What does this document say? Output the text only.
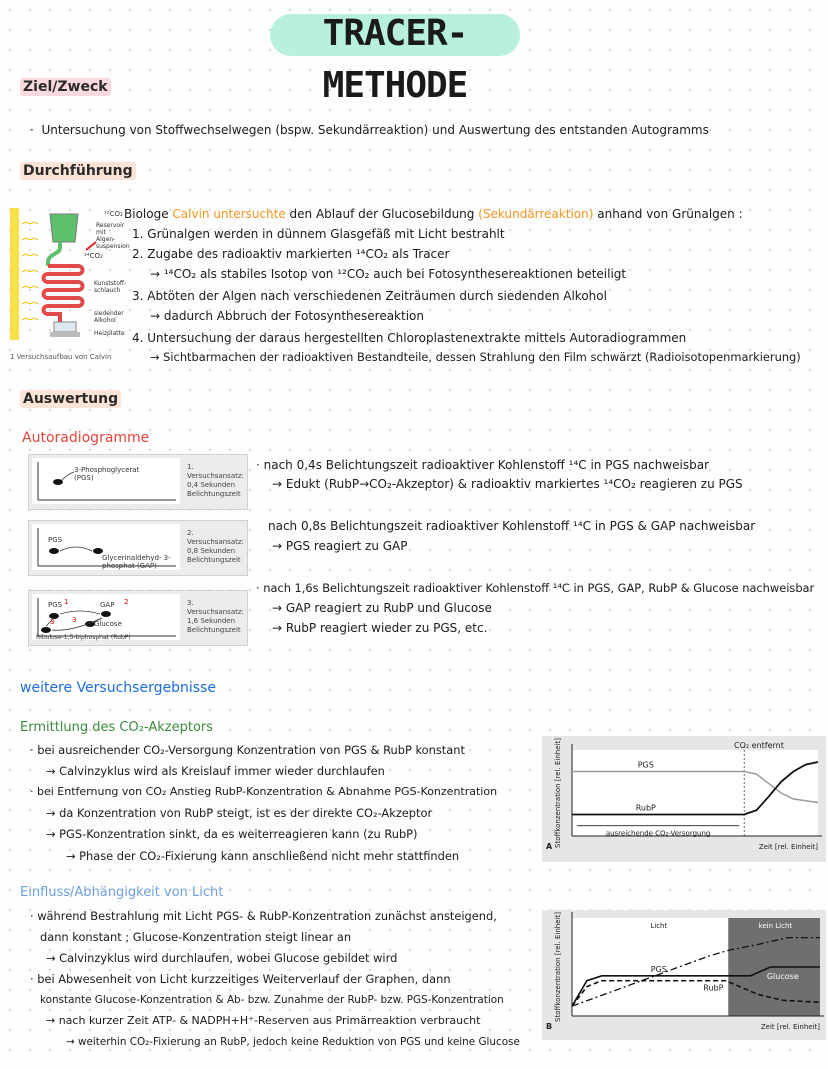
TRACER-METHODE
Ziel/Zweck
·  Untersuchung von Stoffwechselwegen (bspw. Sekundärreaktion) und Auswertung des entstanden Autogramms
Durchführung
¹²CO₂
Reservoir mit Algen- suspension
¹⁴CO₂
Kunststoff- schlauch
siedender Alkohol
Heizplatte
1 Versuchsaufbau von Calvin
Biologe Calvin untersuchte den Ablauf der Glucosebildung (Sekundärreaktion) anhand von Grünalgen :
1. Grünalgen werden in dünnem Glasgefäß mit Licht bestrahlt
2. Zugabe des radioaktiv markierten ¹⁴CO₂ als Tracer
→ ¹⁴CO₂ als stabiles Isotop von ¹²CO₂ auch bei Fotosynthesereaktionen beteiligt
3. Abtöten der Algen nach verschiedenen Zeiträumen durch siedenden Alkohol
→ dadurch Abbruch der Fotosynthesereaktion
4. Untersuchung der daraus hergestellten Chloroplastenextrakte mittels Autoradiogrammen
→ Sichtbarmachen der radioaktiven Bestandteile, dessen Strahlung den Film schwärzt (Radioisotopenmarkierung)
Auswertung
Autoradiogramme
3-Phosphoglycerat (PGS)
1. Versuchsansatz: 0,4 Sekunden Belichtungszeit
PGS
Glycerinaldehyd- 3-phosphat (GAP)
2. Versuchsansatz: 0,8 Sekunden Belichtungszeit
1	2
3
3
PGS	GAP
Glucose
Ribulose-1,5-biphosphat (RubP)
3. Versuchsansatz: 1,6 Sekunden Belichtungszeit
· nach 0,4s Belichtungszeit radioaktiver Kohlenstoff ¹⁴C in PGS nachweisbar
→ Edukt (RubP→CO₂-Akzeptor) & radioaktiv markiertes ¹⁴CO₂ reagieren zu PGS
nach 0,8s Belichtungszeit radioaktiver Kohlenstoff ¹⁴C in PGS & GAP nachweisbar
→ PGS reagiert zu GAP
· nach 1,6s Belichtungszeit radioaktiver Kohlenstoff ¹⁴C in PGS, GAP, RubP & Glucose nachweisbar
→ GAP reagiert zu RubP und Glucose
→ RubP reagiert wieder zu PGS, etc.
weitere Versuchsergebnisse
Ermittlung des CO₂-Akzeptors
· bei ausreichender CO₂-Versorgung Konzentration von PGS & RubP konstant
→ Calvinzyklus wird als Kreislauf immer wieder durchlaufen
· bei Entfernung von CO₂ Anstieg RubP-Konzentration & Abnahme PGS-Konzentration
→ da Konzentration von RubP steigt, ist es der direkte CO₂-Akzeptor
→ PGS-Konzentration sinkt, da es weiterreagieren kann (zu RubP)
→ Phase der CO₂-Fixierung kann anschließend nicht mehr stattfinden
Zeit [rel. Einheit]
Stoffkonzentration [rel. Einheit]
A
PGS
RubP
CO₂ entfernt
ausreichende CO₂-Versorgung
Einfluss/Abhängigkeit von Licht
· während Bestrahlung mit Licht PGS- & RubP-Konzentration zunächst ansteigend,
dann konstant ; Glucose-Konzentration steigt linear an
→ Calvinzyklus wird durchlaufen, wobei Glucose gebildet wird
· bei Abwesenheit von Licht kurzzeitiges Weiterverlauf der Graphen, dann
konstante Glucose-Konzentration & Ab- bzw. Zunahme der RubP- bzw. PGS-Konzentration
→ nach kurzer Zeit ATP- & NADPH+H⁺-Reserven aus Primärreaktion verbraucht
→ weiterhin CO₂-Fixierung an RubP, jedoch keine Reduktion von PGS und keine Glucose
Zeit [rel. Einheit]
Stoffkonzentration [rel. Einheit]
B
Licht	kein Licht
PGS
RubP
Glucose
